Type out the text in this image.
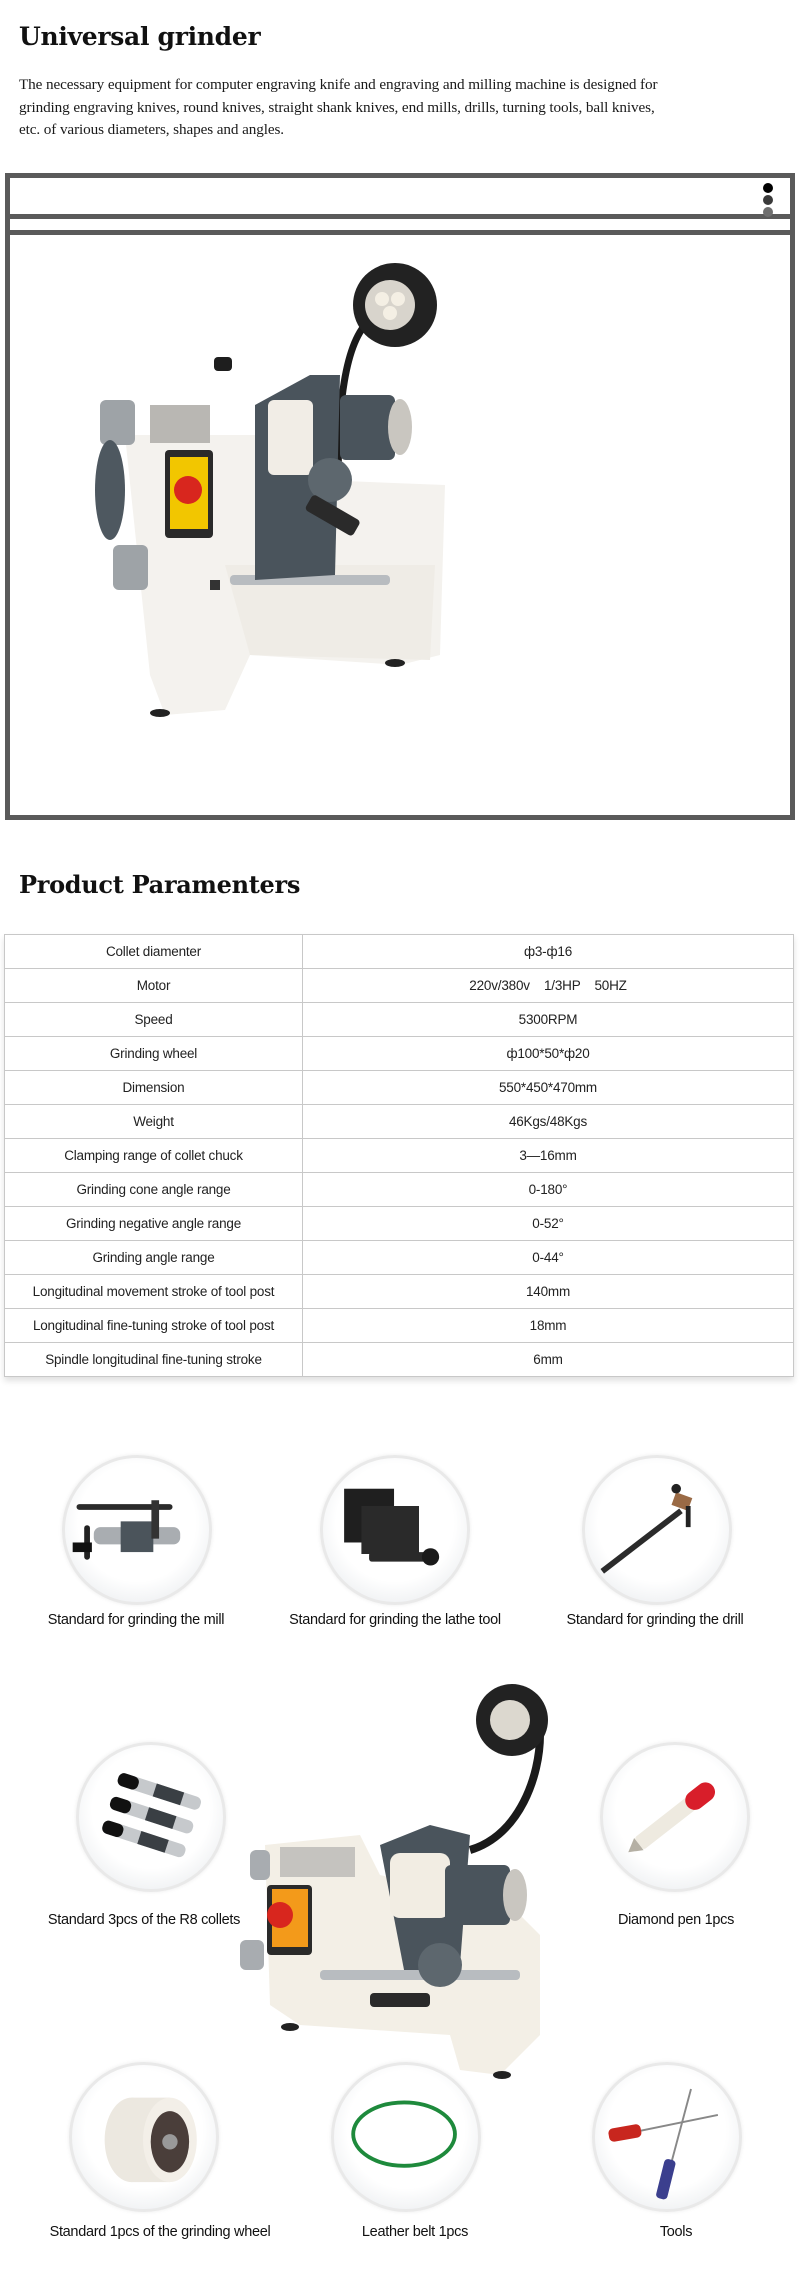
Universal grinder

The necessary equipment for computer engraving knife and engraving and milling machine is designed for

grinding engraving knives, round knives, straight shank knives, end mills, drills, turning tools, ball knives,

etc. of various diameters, shapes and angles.

Product Paramenters
Collet diamenter	ф3-ф16
Motor	220v/380v    1/3HP    50HZ
Speed	5300RPM
Grinding wheel	ф100*50*ф20
Dimension	550*450*470mm
Weight	46Kgs/48Kgs
Clamping range of collet chuck	3—16mm
Grinding cone angle range	0-180°
Grinding negative angle range	0-52°
Grinding angle range	0-44°
Longitudinal movement stroke of tool post	140mm
Longitudinal fine-tuning stroke of tool post	18mm
Spindle longitudinal fine-tuning stroke	6mm
Standard for grinding the mill	Standard for grinding the lathe tool	Standard for grinding the drill
Standard 3pcs of the R8 collets	Diamond pen 1pcs
Standard 1pcs of the grinding wheel	Leather belt 1pcs	Tools
